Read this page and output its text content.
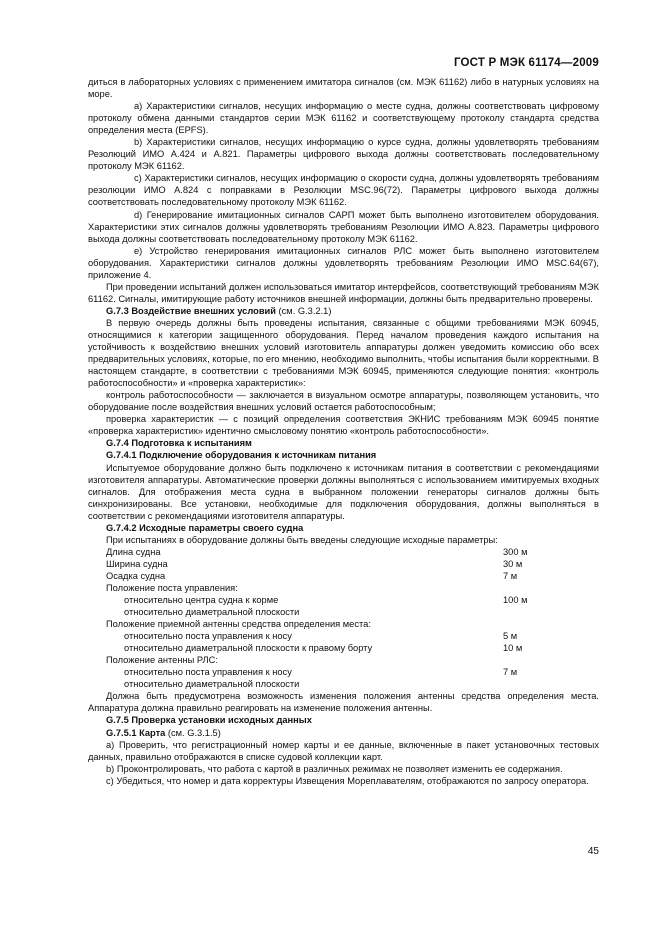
ГОСТ Р МЭК 61174—2009

диться в лабораторных условиях с применением имитатора сигналов (см. МЭК 61162) либо в натурных условиях на море.

а) Характеристики сигналов, несущих информацию о месте судна, должны соответствовать цифровому протоколу обмена данными стандартов серии МЭК 61162 и соответствующему протоколу стандарта средства определения места (EPFS).

b) Характеристики сигналов, несущих информацию о курсе судна, должны удовлетворять требованиям Резолюций ИМО А.424 и А.821. Параметры цифрового выхода должны соответствовать последовательному протоколу МЭК 61162.

с) Характеристики сигналов, несущих информацию о скорости судна, должны удовлетворять требованиям резолюции ИМО А.824 с поправками в Резолюции MSC.96(72). Параметры цифрового выхода должны соответствовать последовательному протоколу МЭК 61162.

d) Генерирование имитационных сигналов САРП может быть выполнено изготовителем оборудования. Характеристики этих сигналов должны удовлетворять требованиям Резолюции ИМО А.823. Параметры цифрового выхода должны соответствовать последовательному протоколу МЭК 61162.

е) Устройство генерирования имитационных сигналов РЛС может быть выполнено изготовителем оборудования. Характеристики сигналов должны удовлетворять требованиям Резолюции ИМО MSC.64(67), приложение 4.

При проведении испытаний должен использоваться имитатор интерфейсов, соответствующий требованиям МЭК 61162. Сигналы, имитирующие работу источников внешней информации, должны быть предварительно проверены.

G.7.3 Воздействие внешних условий (см. G.3.2.1)

В первую очередь должны быть проведены испытания, связанные с общими требованиями МЭК 60945, относящимися к категории защищенного оборудования. Перед началом проведения каждого испытания на устойчивость к воздействию внешних условий изготовитель аппаратуры должен уведомить комиссию обо всех предварительных условиях, которые, по его мнению, необходимо выполнить, чтобы испытания были корректными. В настоящем стандарте, в соответствии с требованиями МЭК 60945, применяются следующие понятия: «контроль работоспособности» и «проверка характеристик»:

контроль работоспособности — заключается в визуальном осмотре аппаратуры, позволяющем установить, что оборудование после воздействия внешних условий остается работоспособным;

проверка характеристик — с позиций определения соответствия ЭКНИС требованиям МЭК 60945 понятие «проверка характеристик» идентично смысловому понятию «контроль работоспособности».

G.7.4 Подготовка к испытаниям

G.7.4.1 Подключение оборудования к источникам питания

Испытуемое оборудование должно быть подключено к источникам питания в соответствии с рекомендациями изготовителя аппаратуры. Автоматические проверки должны выполняться с использованием имитируемых входных сигналов. Для отображения места судна в выбранном положении генераторы сигналов должны быть синхронизированы. Все установки, необходимые для подключения оборудования, должны выполняться в соответствии с рекомендациями изготовителя аппаратуры.

G.7.4.2 Исходные параметры своего судна

При испытаниях в оборудование должны быть введены следующие исходные параметры:

Длина судна	300 м
Ширина судна	30 м
Осадка судна	7 м
Положение поста управления:
относительно центра судна к корме	100 м
относительно диаметральной плоскости
Положение приемной антенны средства определения места:
относительно поста управления к носу	5 м
относительно диаметральной плоскости к правому борту	10 м
Положение антенны РЛС:
относительно поста управления к носу	7 м
относительно диаметральной плоскости

Должна быть предусмотрена возможность изменения положения антенны средства определения места. Аппаратура должна правильно реагировать на изменение положения антенны.

G.7.5 Проверка установки исходных данных

G.7.5.1 Карта (см. G.3.1.5)

а) Проверить, что регистрационный номер карты и ее данные, включенные в пакет установочных тестовых данных, правильно отображаются в списке судовой коллекции карт.

b) Проконтролировать, что работа с картой в различных режимах не позволяет изменить ее содержания.

с) Убедиться, что номер и дата корректуры Извещения Мореплавателям, отображаются по запросу оператора.

45
